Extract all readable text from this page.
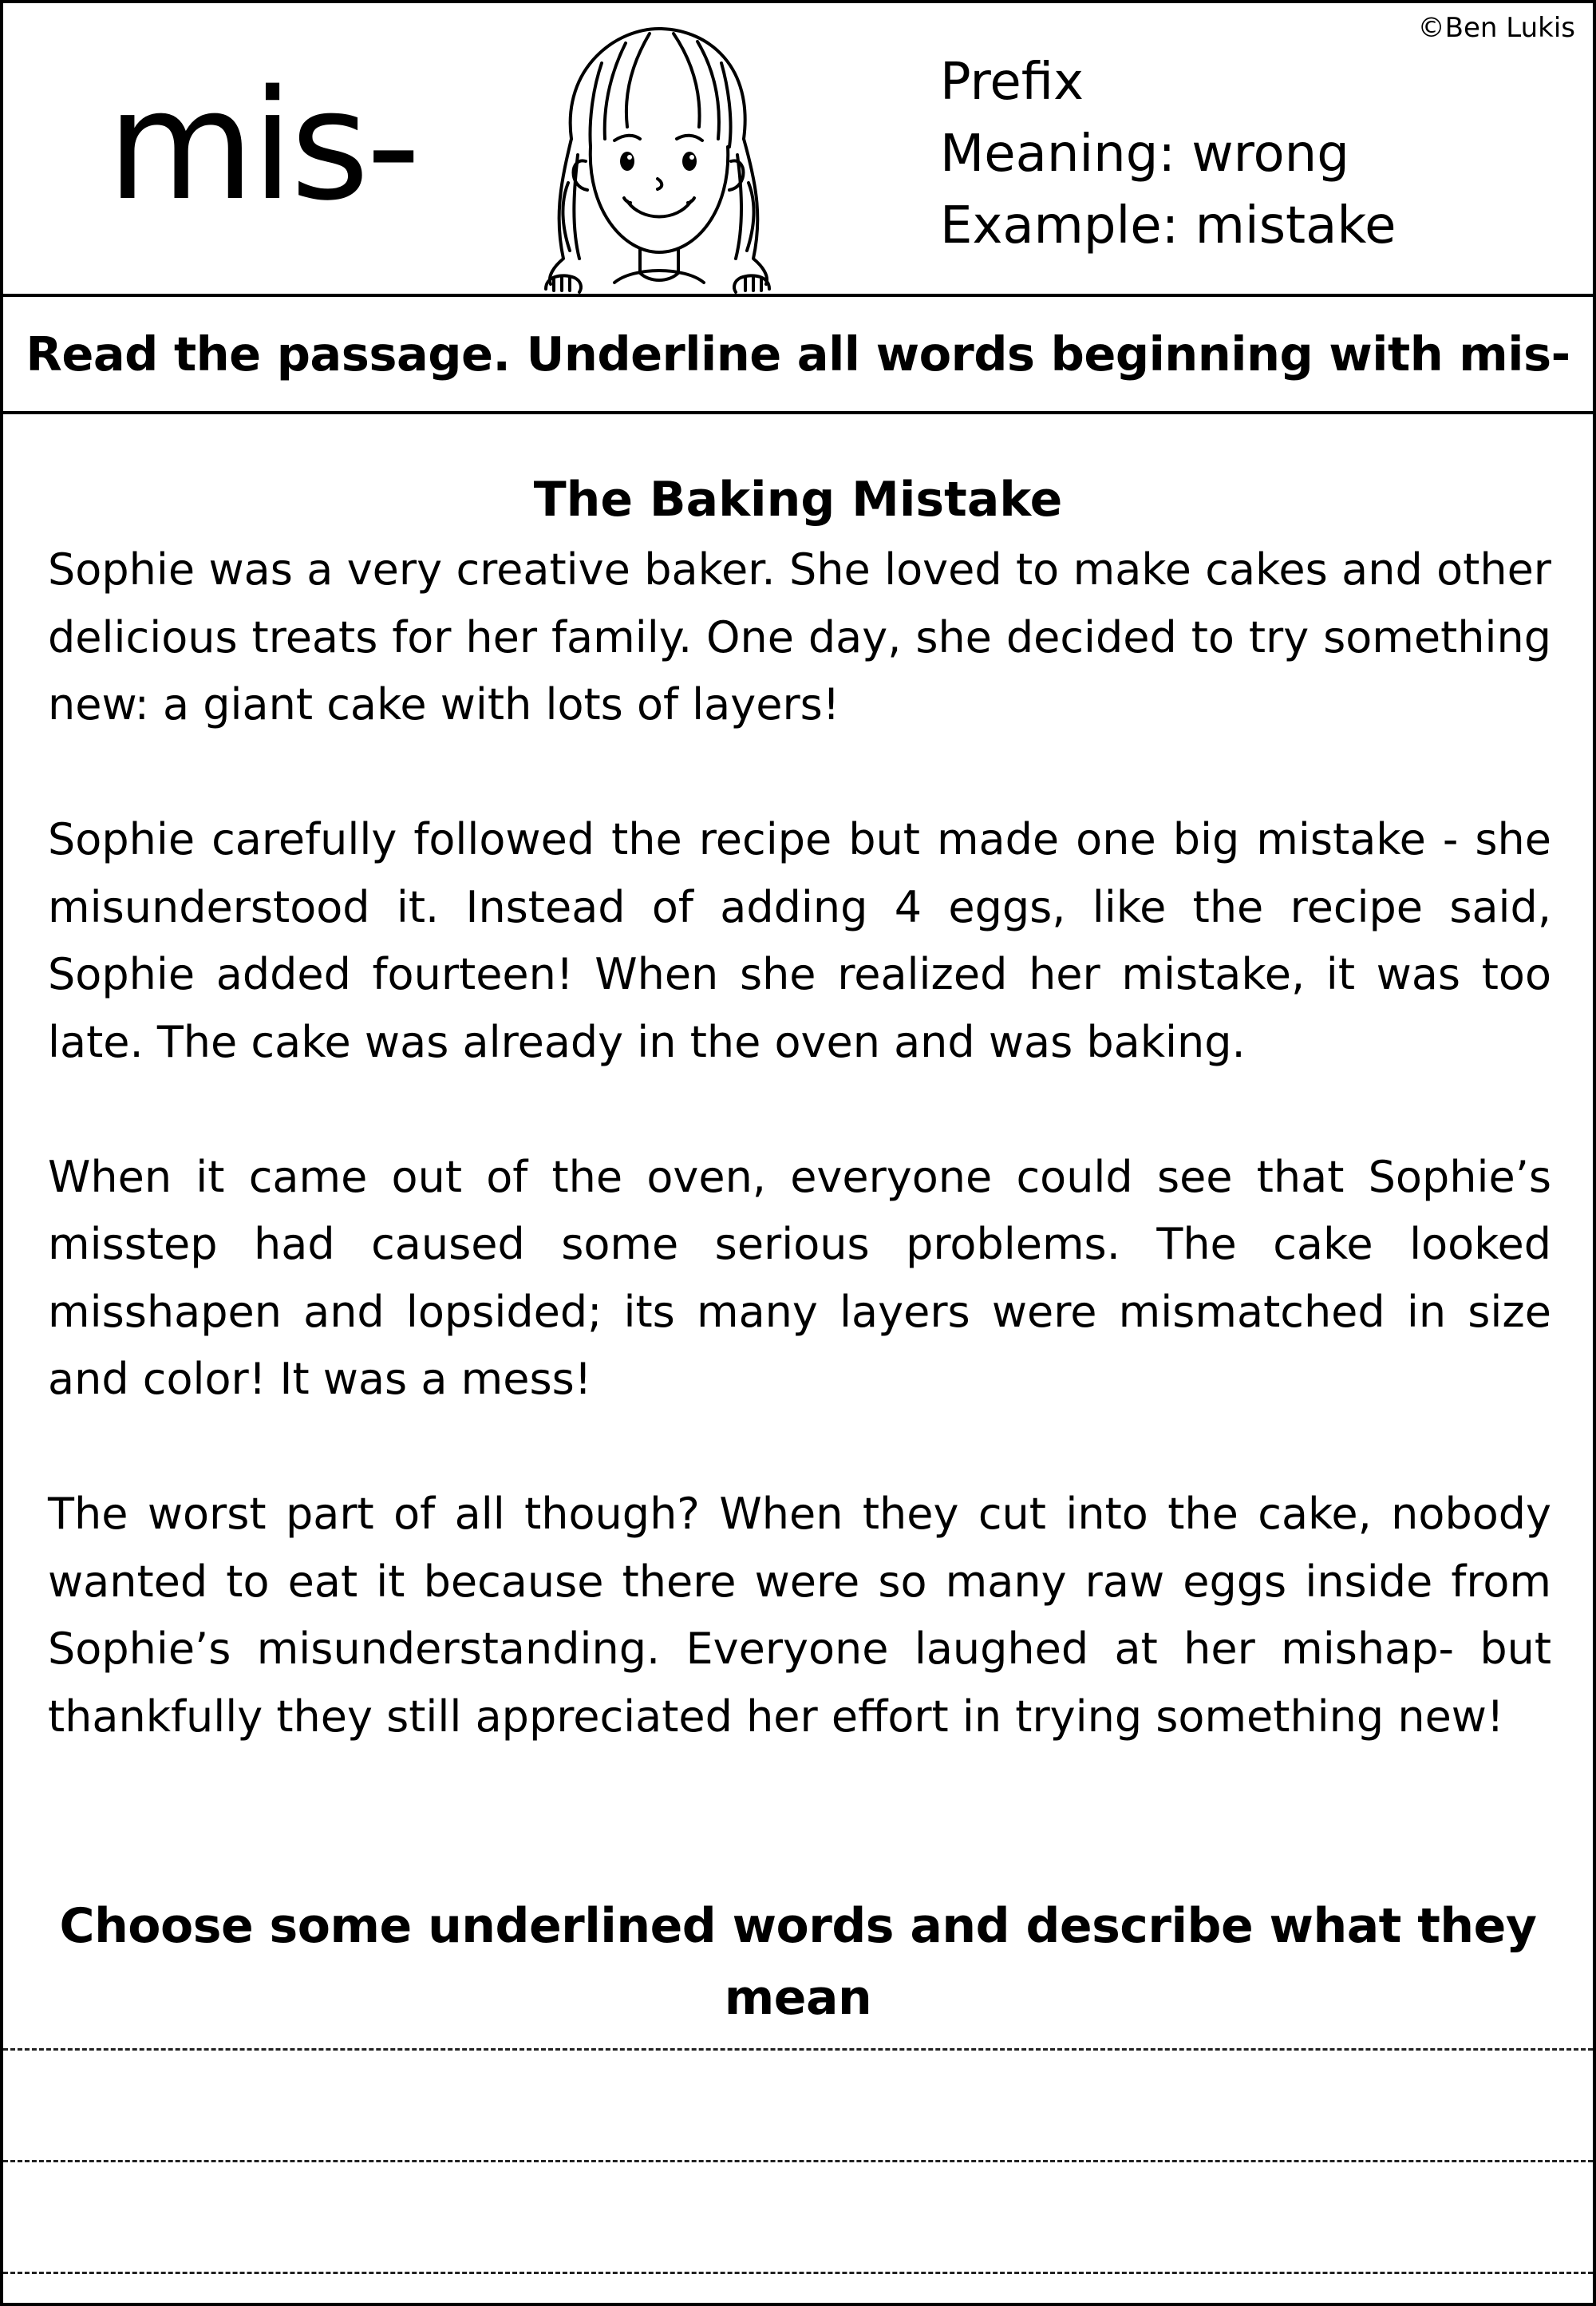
©Ben Lukis
mis-	Prefix
Meaning: wrong
Example: mistake
Read the passage. Underline all words beginning with mis-
The Baking Mistake

Sophie was a very creative baker. She loved to make cakes and other delicious treats for her family. One day, she decided to try something new: a giant cake with lots of layers!

Sophie carefully followed the recipe but made one big mistake - she misunderstood it. Instead of adding 4 eggs, like the recipe said, Sophie added fourteen! When she realized her mistake, it was too late. The cake was already in the oven and was baking.

When it came out of the oven, everyone could see that Sophie’s misstep had caused some serious problems. The cake looked misshapen and lopsided; its many layers were mismatched in size and color! It was a mess!

The worst part of all though? When they cut into the cake, nobody wanted to eat it because there were so many raw eggs inside from Sophie’s misunderstanding. Everyone laughed at her mishap- but thankfully they still appreciated her effort in trying something new!

Choose some underlined words and describe what they mean
